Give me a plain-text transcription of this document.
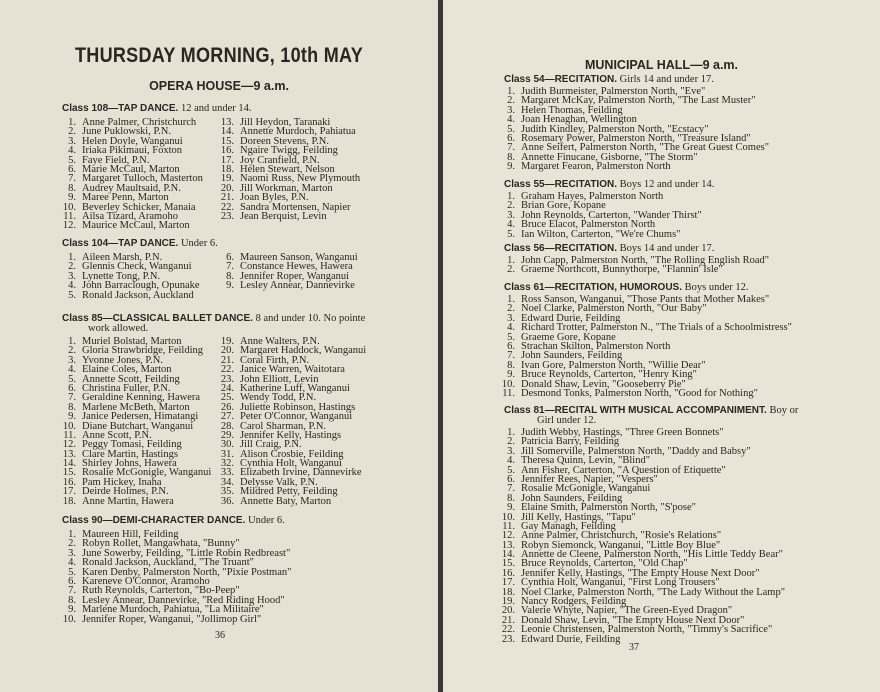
THURSDAY MORNING, 10th MAY
OPERA HOUSE—9 a.m.
Class 108—TAP DANCE. 12 and under 14.
1. Anne Palmer, Christchurch
2. June Puklowski, P.N.
3. Helen Doyle, Wanganui
4. Iriaka Pikimaui, Foxton
5. Faye Field, P.N.
6. Marie McCaul, Marton
7. Margaret Tulloch, Masterton
8. Audrey Maultsaid, P.N.
9. Maree Penn, Marton
10. Beverley Schicker, Manaia
11. Ailsa Tizard, Aramoho
12. Maurice McCaul, Marton
13. Jill Heydon, Taranaki
14. Annette Murdoch, Pahiatua
15. Doreen Stevens, P.N.
16. Ngaire Twigg, Feilding
17. Joy Cranfield, P.N.
18. Helen Stewart, Nelson
19. Naomi Russ, New Plymouth
20. Jill Workman, Marton
21. Joan Byles, P.N.
22. Sandra Mortensen, Napier
23. Jean Berquist, Levin
Class 104—TAP DANCE. Under 6.
1. Aileen Marsh, P.N.
2. Glennis Check, Wanganui
3. Lynette Tong, P.N.
4. John Barraclough, Opunake
5. Ronald Jackson, Auckland
6. Maureen Sanson, Wanganui
7. Constance Hewes, Hawera
8. Jennifer Roper, Wanganui
9. Lesley Annear, Dannevirke
Class 85—CLASSICAL BALLET DANCE. 8 and under 10. No pointe
work allowed.
1. Muriel Bolstad, Marton
2. Gloria Strawbridge, Feilding
3. Yvonne Jones, P.N.
4. Elaine Coles, Marton
5. Annette Scott, Feilding
6. Christina Fuller, P.N.
7. Geraldine Kenning, Hawera
8. Marlene McBeth, Marton
9. Janice Pedersen, Himatangi
10. Diane Butchart, Wanganui
11. Anne Scott, P.N.
12. Peggy Tomasi, Feilding
13. Clare Martin, Hastings
14. Shirley Johns, Hawera
15. Rosalie McGonigle, Wanganui
16. Pam Hickey, Inaha
17. Deirde Holmes, P.N.
18. Anne Martin, Hawera
19. Anne Walters, P.N.
20. Margaret Haddock, Wanganui
21. Coral Firth, P.N.
22. Janice Warren, Waitotara
23. John Elliott, Levin
24. Katherine Luff, Wanganui
25. Wendy Todd, P.N.
26. Juliette Robinson, Hastings
27. Peter O'Connor, Wanganui
28. Carol Sharman, P.N.
29. Jennifer Kelly, Hastings
30. Jill Craig, P.N.
31. Alison Crosbie, Feilding
32. Cynthia Holt, Wanganui
33. Elizabeth Irvine, Dannevirke
34. Delysse Valk, P.N.
35. Mildred Petty, Feilding
36. Annette Baty, Marton
Class 90—DEMI-CHARACTER DANCE. Under 6.
1. Maureen Hill, Feilding
2. Robyn Rollet, Mangawhata, "Bunny"
3. June Sowerby, Feilding, "Little Robin Redbreast"
4. Ronald Jackson, Auckland, "The Truant"
5. Karen Denby, Palmerston North, "Pixie Postman"
6. Kareneve O'Connor, Aramoho
7. Ruth Reynolds, Carterton, "Bo-Peep"
8. Lesley Annear, Dannevirke, "Red Riding Hood"
9. Marlene Murdoch, Pahiatua, "La Militaire"
10. Jennifer Roper, Wanganui, "Jollimop Girl"
36
MUNICIPAL HALL—9 a.m.
Class 54—RECITATION. Girls 14 and under 17.
1. Judith Burmeister, Palmerston North, "Eve"
2. Margaret McKay, Palmerston North, "The Last Muster"
3. Helen Thomas, Feilding
4. Joan Henaghan, Wellington
5. Judith Kindley, Palmerston North, "Ecstacy"
6. Rosemary Power, Palmerston North, "Treasure Island"
7. Anne Seifert, Palmerston North, "The Great Guest Comes"
8. Annette Finucane, Gisborne, "The Storm"
9. Margaret Fearon, Palmerston North
Class 55—RECITATION. Boys 12 and under 14.
1. Graham Hayes, Palmerston North
2. Brian Gore, Kopane
3. John Reynolds, Carterton, "Wander Thirst"
4. Bruce Elacot, Palmerston North
5. Ian Wilton, Carterton, "We're Chums"
Class 56—RECITATION. Boys 14 and under 17.
1. John Capp, Palmerston North, "The Rolling English Road"
2. Graeme Northcott, Bunnythorpe, "Flannin' Isle"
Class 61—RECITATION, HUMOROUS. Boys under 12.
1. Ross Sanson, Wanganui, "Those Pants that Mother Makes"
2. Noel Clarke, Palmerston North, "Our Baby"
3. Edward Durie, Feilding
4. Richard Trotter, Palmerston N., "The Trials of a Schoolmistress"
5. Graeme Gore, Kopane
6. Strachan Skilton, Palmerston North
7. John Saunders, Feilding
8. Ivan Gore, Palmerston North, "Willie Dear"
9. Bruce Reynolds, Carterton, "Henry King"
10. Donald Shaw, Levin, "Gooseberry Pie"
11. Desmond Tonks, Palmerston North, "Good for Nothing"
Class 81—RECITAL WITH MUSICAL ACCOMPANIMENT. Boy or
Girl under 12.
1. Judith Webby, Hastings, "Three Green Bonnets"
2. Patricia Barry, Feilding
3. Jill Somerville, Palmerston North, "Daddy and Babsy"
4. Theresa Quinn, Levin, "Blind"
5. Ann Fisher, Carterton, "A Question of Etiquette"
6. Jennifer Rees, Napier, "Vespers"
7. Rosalie McGonigle, Wanganui
8. John Saunders, Feilding
9. Elaine Smith, Palmerston North, "S'pose"
10. Jill Kelly, Hastings, "Tapu"
11. Gay Managh, Feilding
12. Anne Palmer, Christchurch, "Rosie's Relations"
13. Robyn Siemonck, Wanganui, "Little Boy Blue"
14. Annette de Cleene, Palmerston North, "His Little Teddy Bear"
15. Bruce Reynolds, Carterton, "Old Chap"
16. Jennifer Kelly, Hastings, "The Empty House Next Door"
17. Cynthia Holt, Wanganui, "First Long Trousers"
18. Noel Clarke, Palmerston North, "The Lady Without the Lamp"
19. Nancy Rodgers, Feilding
20. Valerie Whyte, Napier, "The Green-Eyed Dragon"
21. Donald Shaw, Levin, "The Empty House Next Door"
22. Leonie Christensen, Palmerston North, "Timmy's Sacrifice"
23. Edward Durie, Feilding
37
